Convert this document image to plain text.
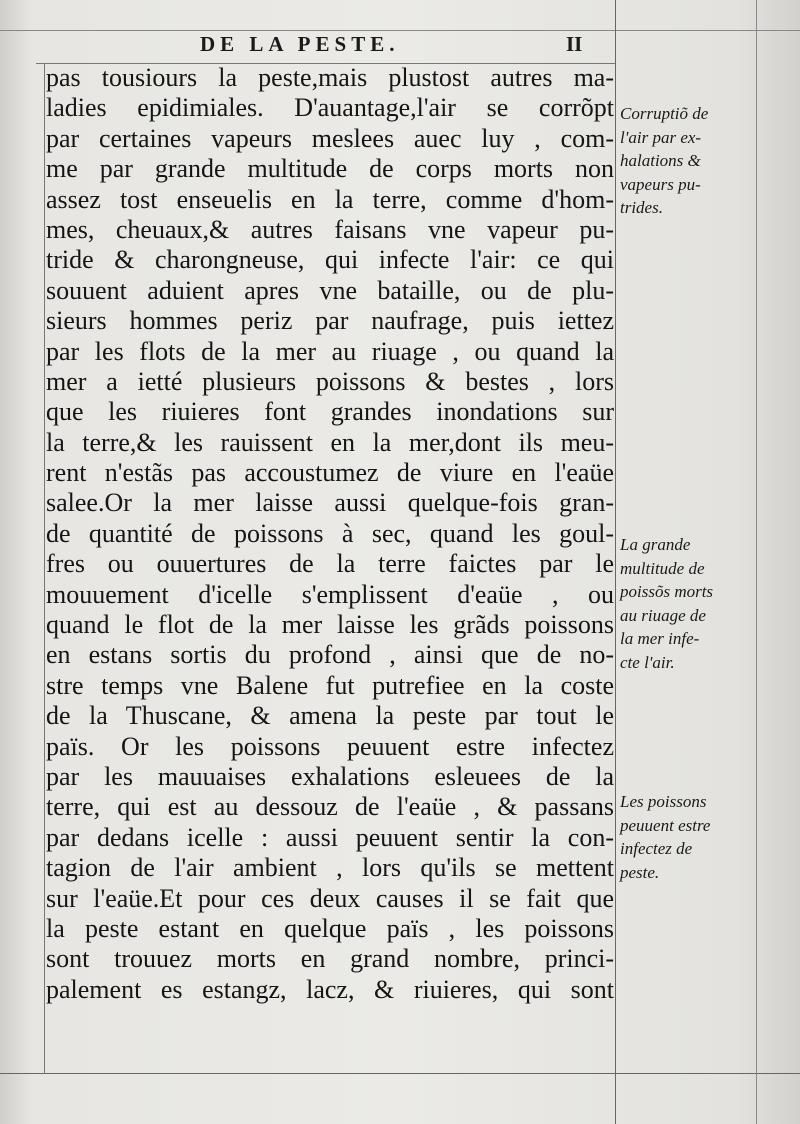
DE LA PESTE.	II
pas tousiours la peste,mais plustost autres ma-
ladies epidimiales. D'auantage,l'air se corrõpt
par certaines vapeurs meslees auec luy , com-
me par grande multitude de corps morts non
assez tost enseuelis en la terre, comme d'hom-
mes, cheuaux,& autres faisans vne vapeur pu-
tride & charongneuse, qui infecte l'air: ce qui
souuent aduient apres vne bataille, ou de plu-
sieurs hommes periz par naufrage, puis iettez
par les flots de la mer au riuage , ou quand la
mer a ietté plusieurs poissons & bestes , lors
que les riuieres font grandes inondations sur
la terre,& les rauissent en la mer,dont ils meu-
rent n'estãs pas accoustumez de viure en l'eaüe
salee.Or la mer laisse aussi quelque-fois gran-
de quantité de poissons à sec, quand les goul-
fres ou ouuertures de la terre faictes par le
mouuement d'icelle s'emplissent d'eaüe , ou
quand le flot de la mer laisse les grãds poissons
en estans sortis du profond , ainsi que de no-
stre temps vne Balene fut putrefiee en la coste
de la Thuscane, & amena la peste par tout le
païs. Or les poissons peuuent estre infectez
par les mauuaises exhalations esleuees de la
terre, qui est au dessouz de l'eaüe , & passans
par dedans icelle : aussi peuuent sentir la con-
tagion de l'air ambient , lors qu'ils se mettent
sur l'eaüe.Et pour ces deux causes il se fait que
la peste estant en quelque païs , les poissons
sont trouuez morts en grand nombre, princi-
palement es estangz, lacz, & riuieres, qui sont
Corruptiõ de
l'air par ex-
halations &
vapeurs pu-
trides.
La grande
multitude de
poissõs morts
au riuage de
la mer infe-
cte l'air.
Les poissons
peuuent estre
infectez de
peste.
